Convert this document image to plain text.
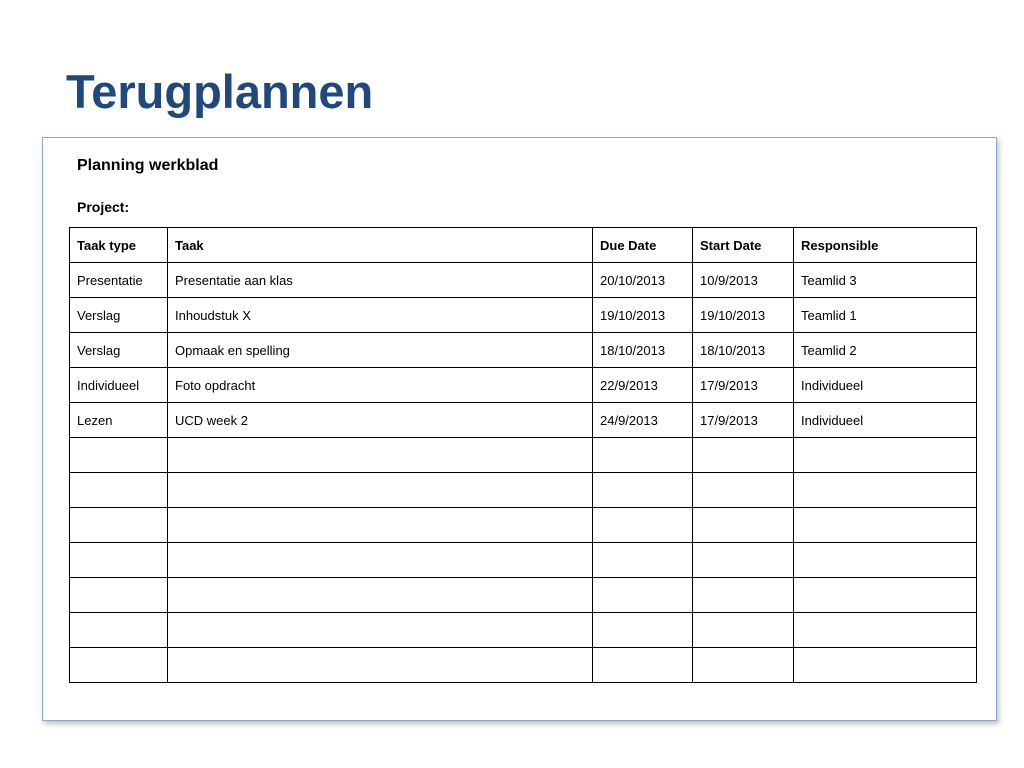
Terugplannen

Planning werkblad

Project:

Taak type	Taak	Due Date	Start Date	Responsible
Presentatie	Presentatie aan klas	20/10/2013	10/9/2013	Teamlid 3
Verslag	Inhoudstuk X	19/10/2013	19/10/2013	Teamlid 1
Verslag	Opmaak en spelling	18/10/2013	18/10/2013	Teamlid 2
Individueel	Foto opdracht	22/9/2013	17/9/2013	Individueel
Lezen	UCD week 2	24/9/2013	17/9/2013	Individueel
